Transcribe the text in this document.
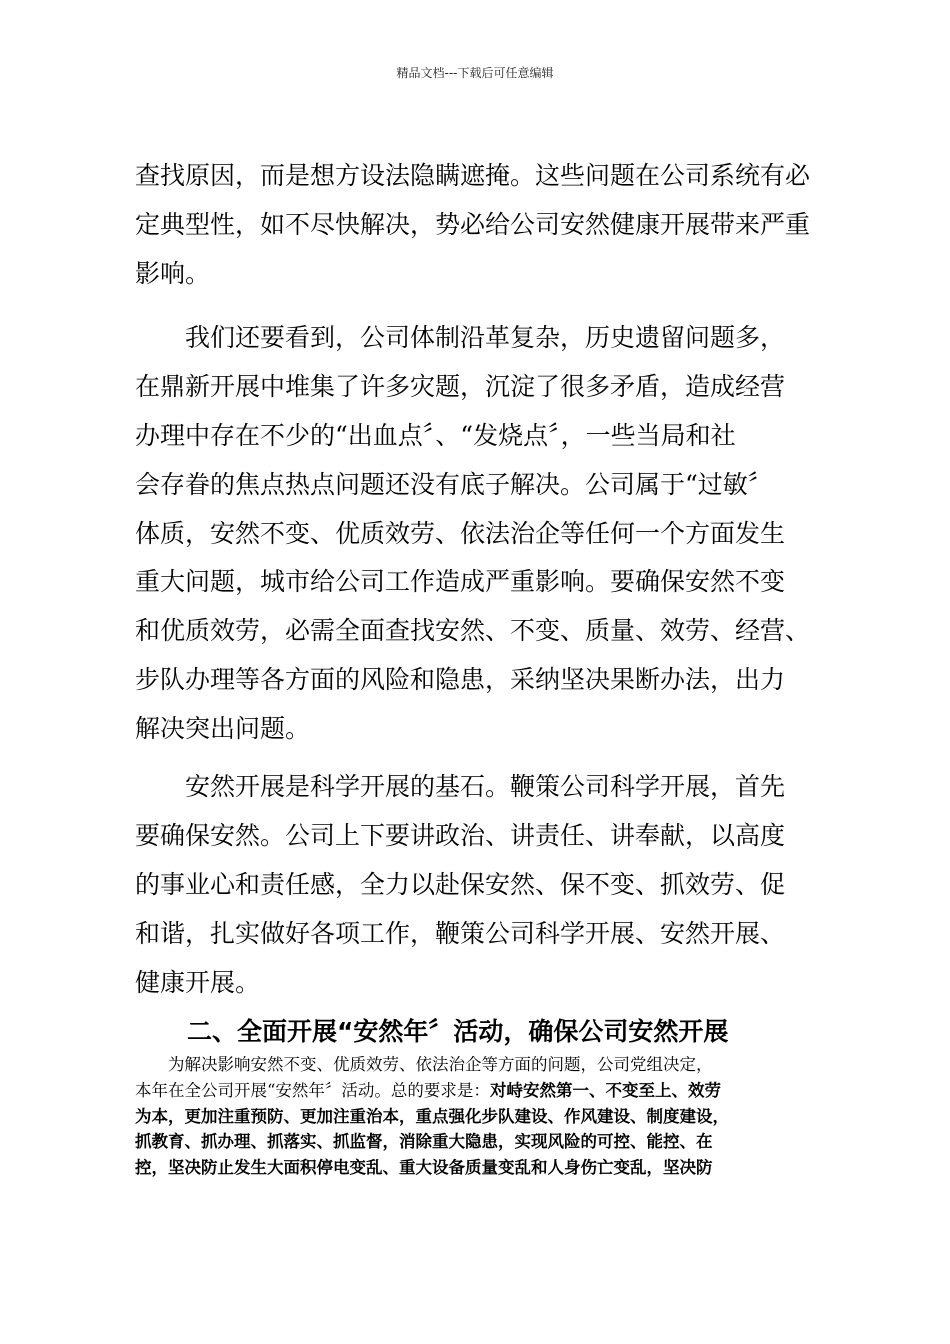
精品文档---下载后可任意编辑
查找原因，而是想方设法隐瞒遮掩。这些问题在公司系统有必
定典型性，如不尽快解决，势必给公司安然健康开展带来严重
影响。
　　我们还要看到，公司体制沿革复杂，历史遗留问题多，
在鼎新开展中堆集了许多灾题，沉淀了很多矛盾，造成经营
办理中存在不少的“出血点〞、“发烧点〞，一些当局和社
会存眷的焦点热点问题还没有底子解决。公司属于“过敏〞
体质，安然不变、优质效劳、依法治企等任何一个方面发生
重大问题，城市给公司工作造成严重影响。要确保安然不变
和优质效劳，必需全面查找安然、不变、质量、效劳、经营、
步队办理等各方面的风险和隐患，采纳坚决果断办法，出力
解决突出问题。
　　安然开展是科学开展的基石。鞭策公司科学开展，首先
要确保安然。公司上下要讲政治、讲责任、讲奉献，以高度
的事业心和责任感，全力以赴保安然、保不变、抓效劳、促
和谐，扎实做好各项工作，鞭策公司科学开展、安然开展、
健康开展。
二、全面开展“安然年〞活动，确保公司安然开展
　　为解决影响安然不变、优质效劳、依法治企等方面的问题，公司党组决定，
本年在全公司开展“安然年〞活动。总的要求是：对峙安然第一、不变至上、效劳
为本，更加注重预防、更加注重治本，重点强化步队建设、作风建设、制度建设，
抓教育、抓办理、抓落实、抓监督，消除重大隐患，实现风险的可控、能控、在
控，坚决防止发生大面积停电变乱、重大设备质量变乱和人身伤亡变乱，坚决防
